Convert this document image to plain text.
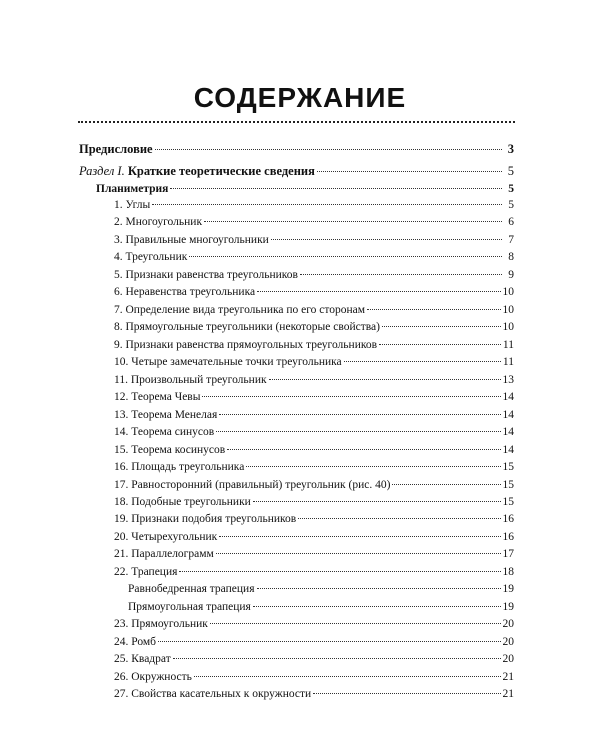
СОДЕРЖАНИЕ
Предисловие	3
Раздел I. Краткие теоретические сведения	5
Планиметрия	5
1. Углы	5
2. Многоугольник	6
3. Правильные многоугольники	7
4. Треугольник	8
5. Признаки равенства треугольников	9
6. Неравенства треугольника	10
7. Определение вида треугольника по его сторонам	10
8. Прямоугольные треугольники (некоторые свойства)	10
9. Признаки равенства прямоугольных треугольников	11
10. Четыре замечательные точки треугольника	11
11. Произвольный треугольник	13
12. Теорема Чевы	14
13. Теорема Менелая	14
14. Теорема синусов	14
15. Теорема косинусов	14
16. Площадь треугольника	15
17. Равносторонний (правильный) треугольник (рис. 40)	15
18. Подобные треугольники	15
19. Признаки подобия треугольников	16
20. Четырехугольник	16
21. Параллелограмм	17
22. Трапеция	18
Равнобедренная трапеция	19
Прямоугольная трапеция	19
23. Прямоугольник	20
24. Ромб	20
25. Квадрат	20
26. Окружность	21
27. Свойства касательных к окружности	21
